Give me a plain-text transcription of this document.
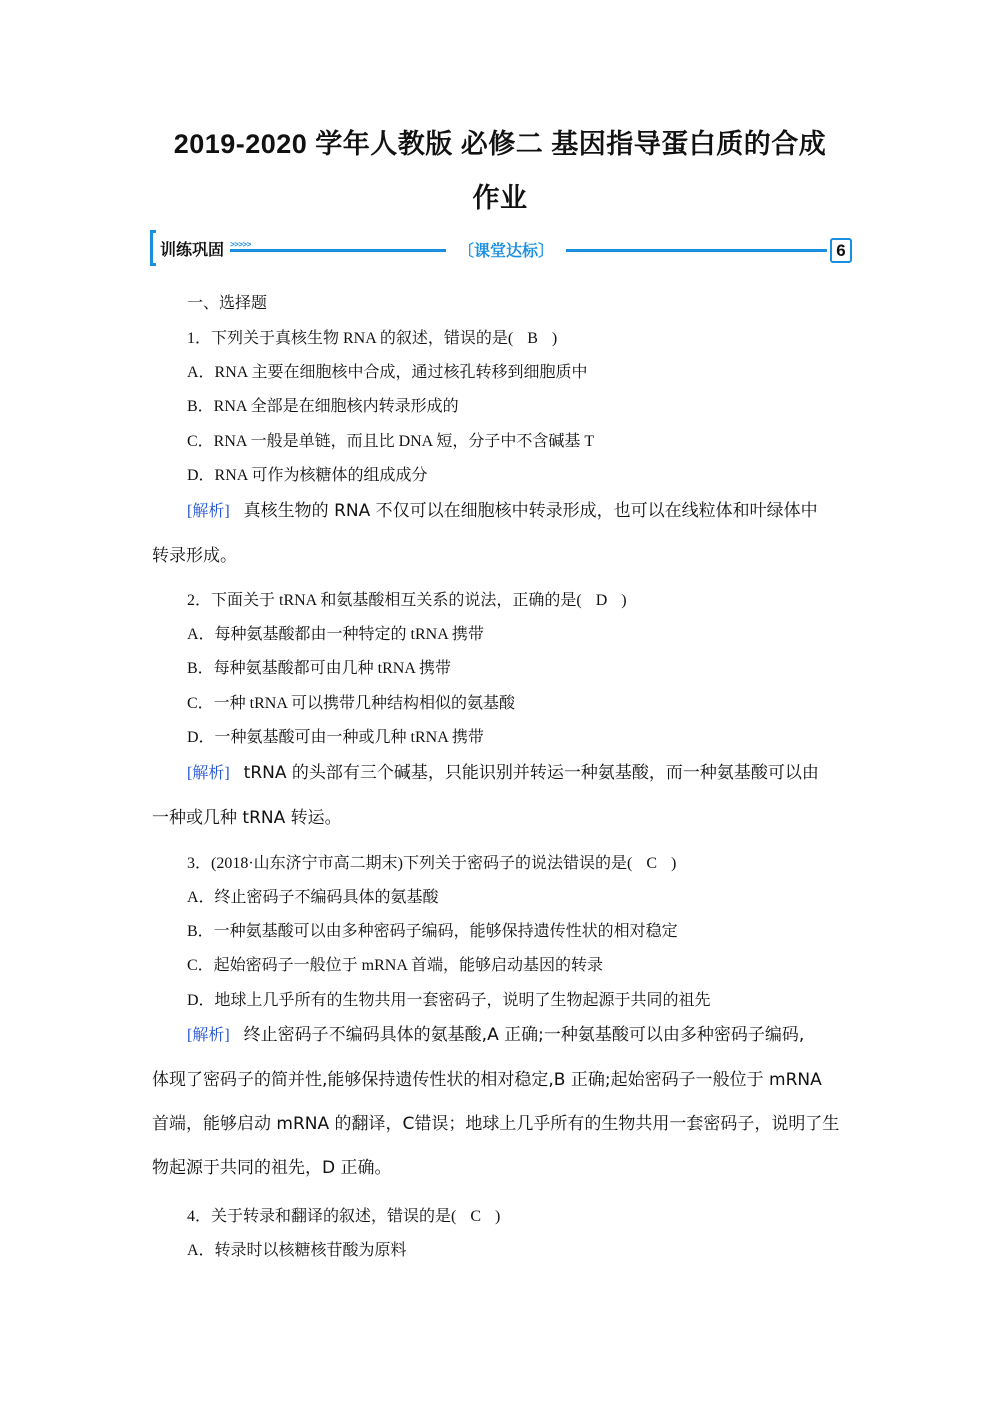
2019-2020 学年人教版 必修二 基因指导蛋白质的合成
作业
训练巩固 >>>>>	〔课堂达标〕	6
一、选择题
1．下列关于真核生物 RNA 的叙述，错误的是( B )
A．RNA 主要在细胞核中合成，通过核孔转移到细胞质中
B．RNA 全部是在细胞核内转录形成的
C．RNA 一般是单链，而且比 DNA 短，分子中不含碱基 T
D．RNA 可作为核糖体的组成成分
[解析] 真核生物的 RNA 不仅可以在细胞核中转录形成，也可以在线粒体和叶绿体中
转录形成。
2．下面关于 tRNA 和氨基酸相互关系的说法，正确的是( D )
A．每种氨基酸都由一种特定的 tRNA 携带
B．每种氨基酸都可由几种 tRNA 携带
C．一种 tRNA 可以携带几种结构相似的氨基酸
D．一种氨基酸可由一种或几种 tRNA 携带
[解析] tRNA 的头部有三个碱基，只能识别并转运一种氨基酸，而一种氨基酸可以由
一种或几种 tRNA 转运。
3．(2018·山东济宁市高二期末)下列关于密码子的说法错误的是( C )
A．终止密码子不编码具体的氨基酸
B．一种氨基酸可以由多种密码子编码，能够保持遗传性状的相对稳定
C．起始密码子一般位于 mRNA 首端，能够启动基因的转录
D．地球上几乎所有的生物共用一套密码子，说明了生物起源于共同的祖先
[解析] 终止密码子不编码具体的氨基酸,A 正确;一种氨基酸可以由多种密码子编码,
体现了密码子的简并性,能够保持遗传性状的相对稳定,B 正确;起始密码子一般位于 mRNA
首端，能够启动 mRNA 的翻译，C错误；地球上几乎所有的生物共用一套密码子，说明了生
物起源于共同的祖先，D 正确。
4．关于转录和翻译的叙述，错误的是( C )
A．转录时以核糖核苷酸为原料
